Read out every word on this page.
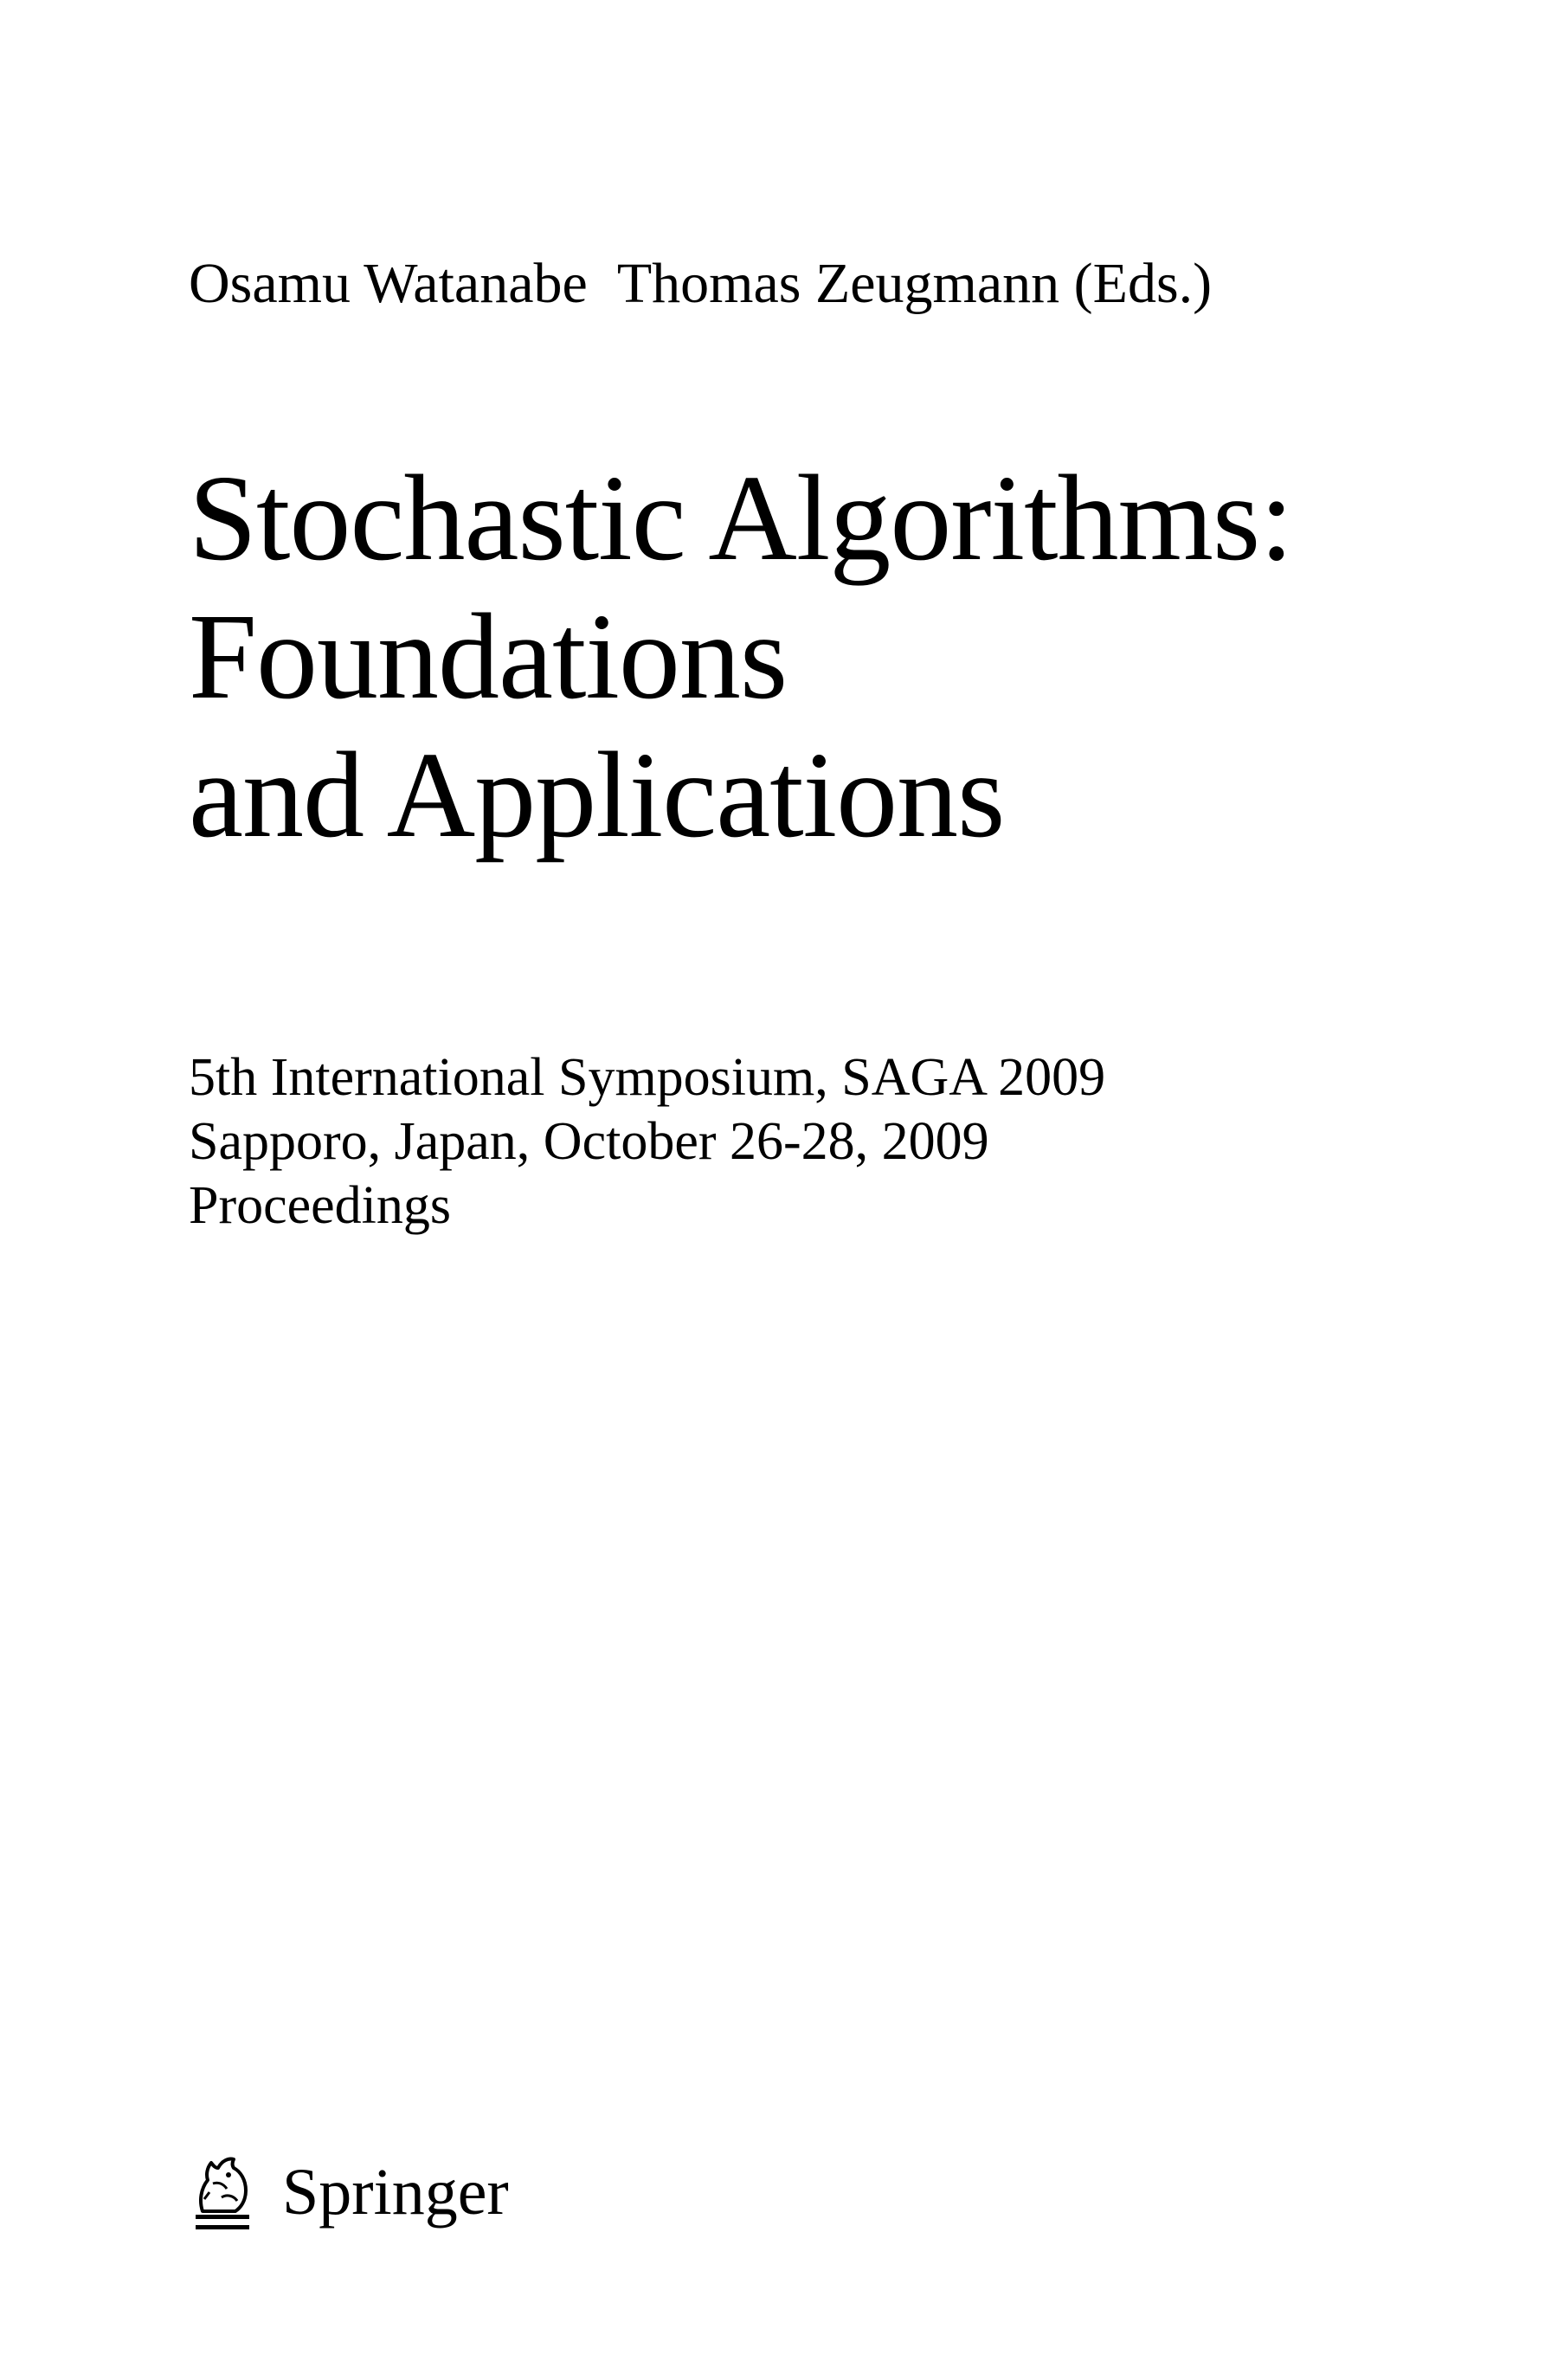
Osamu Watanabe Thomas Zeugmann (Eds.)
Stochastic Algorithms:
Foundations
and Applications
5th International Symposium, SAGA 2009
Sapporo, Japan, October 26-28, 2009
Proceedings
Springer
